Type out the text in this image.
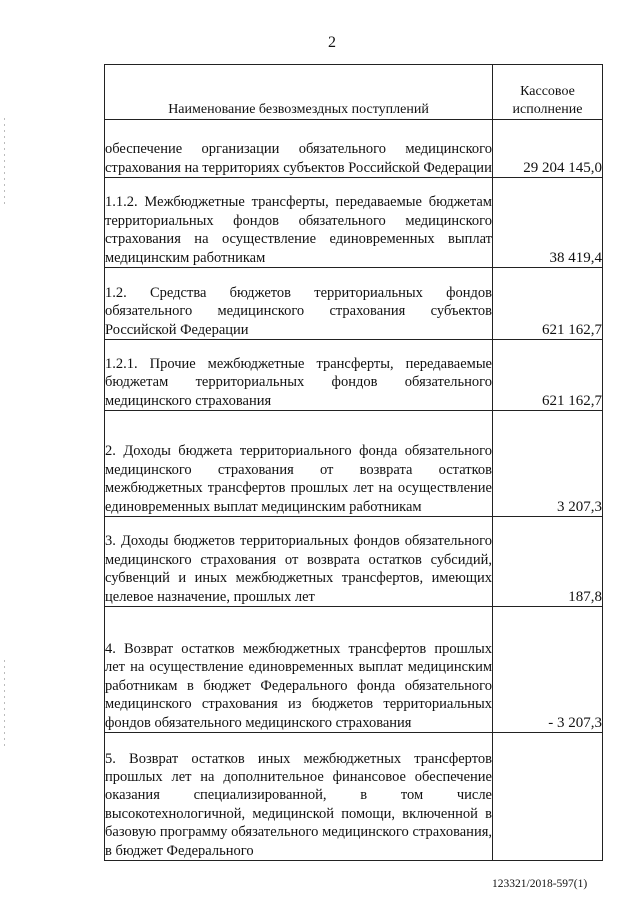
2
Наименование безвозмездных поступлений	Кассовое исполнение
обеспечение организации обязательного медицинского страхования на территориях субъектов Российской Федерации	29 204 145,0
1.1.2. Межбюджетные трансферты, передаваемые бюджетам территориальных фондов обязательного медицинского страхования на осуществление единовременных выплат медицинским работникам	38 419,4
1.2. Средства бюджетов территориальных фондов обязательного медицинского страхования субъектов Российской Федерации	621 162,7
1.2.1. Прочие межбюджетные трансферты, передаваемые бюджетам территориальных фондов обязательного медицинского страхования	621 162,7
2. Доходы бюджета территориального фонда обязательного медицинского страхования от возврата остатков межбюджетных трансфертов прошлых лет на осуществление единовременных выплат медицинским работникам	3 207,3
3. Доходы бюджетов территориальных фондов обязательного медицинского страхования от возврата остатков субсидий, субвенций и иных межбюджетных трансфертов, имеющих целевое назначение, прошлых лет	187,8
4. Возврат остатков межбюджетных трансфертов прошлых лет на осуществление единовременных выплат медицинским работникам в бюджет Федерального фонда обязательного медицинского страхования из бюджетов территориальных фондов обязательного медицинского страхования	- 3 207,3
5. Возврат остатков иных межбюджетных трансфертов прошлых лет на дополнительное финансовое обеспечение оказания специализированной, в том числе высокотехнологичной, медицинской помощи, включенной в базовую программу обязательного медицинского страхования, в бюджет Федерального	
123321/2018-597(1)
